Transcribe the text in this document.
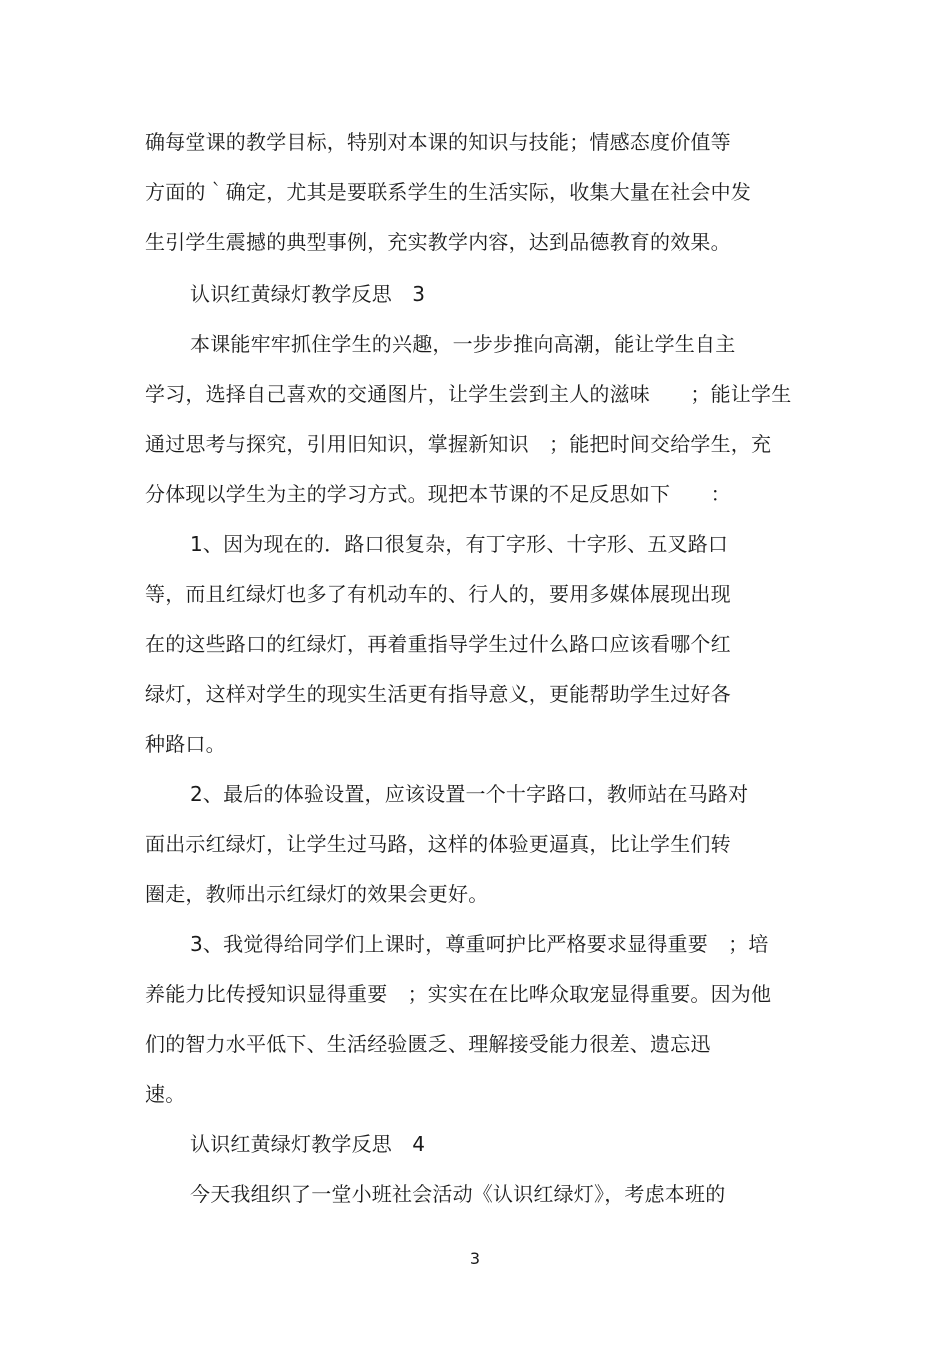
确每堂课的教学目标，特别对本课的知识与技能；情感态度价值等

方面的｀确定，尤其是要联系学生的生活实际，收集大量在社会中发

生引学生震撼的典型事例，充实教学内容，达到品德教育的效果。

认识红黄绿灯教学反思　3

本课能牢牢抓住学生的兴趣，一步步推向高潮，能让学生自主

学习，选择自己喜欢的交通图片，让学生尝到主人的滋味　　；能让学生

通过思考与探究，引用旧知识，掌握新知识　；能把时间交给学生，充

分体现以学生为主的学习方式。现把本节课的不足反思如下　　：

1、因为现在的．路口很复杂，有丁字形、十字形、五叉路口

等，而且红绿灯也多了有机动车的、行人的，要用多媒体展现出现

在的这些路口的红绿灯，再着重指导学生过什么路口应该看哪个红

绿灯，这样对学生的现实生活更有指导意义，更能帮助学生过好各

种路口。

2、最后的体验设置，应该设置一个十字路口，教师站在马路对

面出示红绿灯，让学生过马路，这样的体验更逼真，比让学生们转

圈走，教师出示红绿灯的效果会更好。

3、我觉得给同学们上课时，尊重呵护比严格要求显得重要　；培

养能力比传授知识显得重要　；实实在在比哗众取宠显得重要。因为他

们的智力水平低下、生活经验匮乏、理解接受能力很差、遗忘迅

速。

认识红黄绿灯教学反思　4

今天我组织了一堂小班社会活动《认识红绿灯》，考虑本班的

3
